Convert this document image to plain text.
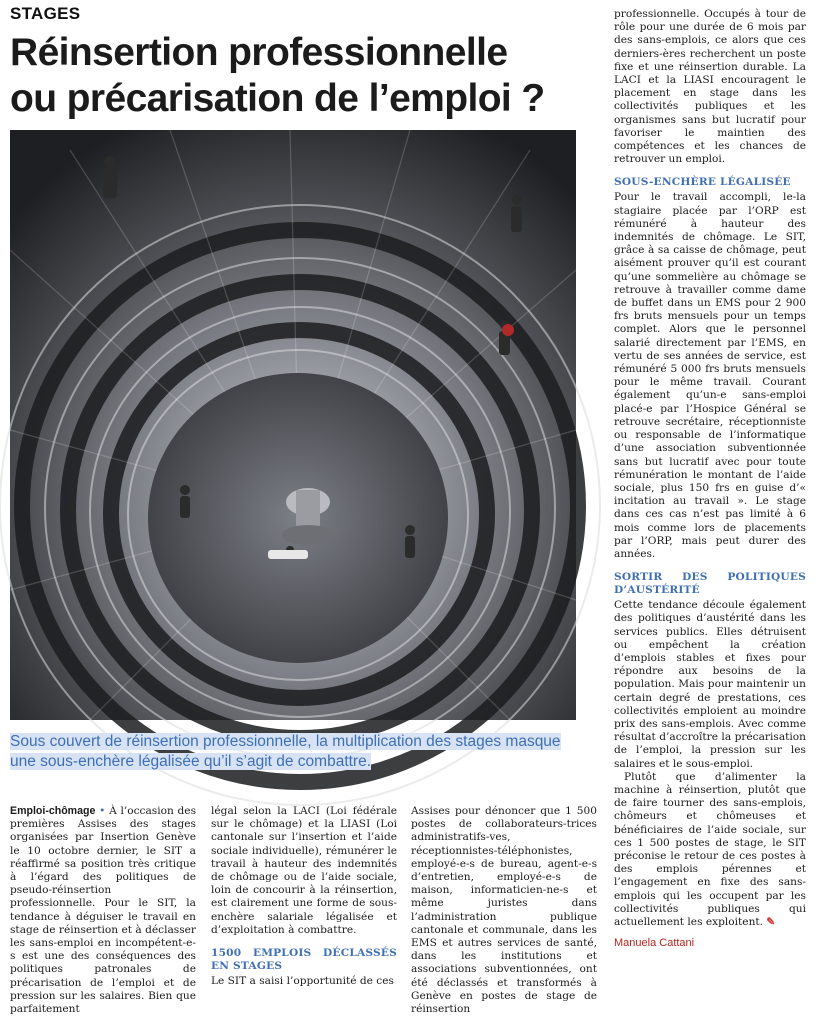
STAGES
Réinsertion professionnelle
ou précarisation de l’emploi ?
Sous couvert de réinsertion professionnelle, la multiplication des stages masque une sous-enchère légalisée qu’il s’agit de combattre.

Emploi-chômage • À l’occasion des premières Assises des stages organisées par Insertion Genève le 10 octobre dernier, le SIT a réaffirmé sa position très critique à l’égard des politiques de pseudo-réinsertion professionnelle. Pour le SIT, la tendance à déguiser le travail en stage de réinsertion et à déclasser les sans-emploi en incompétent-e-s est une des conséquences des politiques patronales de précarisation de l’emploi et de pression sur les salaires. Bien que parfaitement

légal selon la LACI (Loi fédérale sur le chômage) et la LIASI (Loi cantonale sur l’insertion et l’aide sociale individuelle), rémunérer le travail à hauteur des indemnités de chômage ou de l’aide sociale, loin de concourir à la réinsertion, est clairement une forme de sous-enchère salariale légalisée et d’exploitation à combattre.

1500 EMPLOIS DÉCLASSÉS EN STAGES

Le SIT a saisi l’opportunité de ces

Assises pour dénoncer que 1 500 postes de collaborateurs-trices administratifs-ves, réceptionnistes-téléphonistes, employé-e-s de bureau, agent-e-s d’entretien, employé-e-s de maison, informaticien-ne-s et même juristes dans l’administration publique cantonale et communale, dans les EMS et autres services de santé, dans les institutions et associations subventionnées, ont été déclassés et transformés à Genève en postes de stage de réinsertion

professionnelle. Occupés à tour de rôle pour une durée de 6 mois par des sans-emplois, ce alors que ces derniers-ères recherchent un poste fixe et une réinsertion durable. La LACI et la LIASI encouragent le placement en stage dans les collectivités publiques et les organismes sans but lucratif pour favoriser le maintien des compétences et les chances de retrouver un emploi.

SOUS-ENCHÈRE LÉGALISÉE

Pour le travail accompli, le-la stagiaire placée par l’ORP est rémunéré à hauteur des indemnités de chômage. Le SIT, grâce à sa caisse de chômage, peut aisément prouver qu’il est courant qu’une sommelière au chômage se retrouve à travailler comme dame de buffet dans un EMS pour 2 900 frs bruts mensuels pour un temps complet. Alors que le personnel salarié directement par l’EMS, en vertu de ses années de service, est rémunéré 5 000 frs bruts mensuels pour le même travail. Courant également qu’un-e sans-emploi placé-e par l’Hospice Général se retrouve secrétaire, réceptionniste ou responsable de l’informatique d’une association subventionnée sans but lucratif avec pour toute rémunération le montant de l’aide sociale, plus 150 frs en guise d’« incitation au travail ». Le stage dans ces cas n’est pas limité à 6 mois comme lors de placements par l’ORP, mais peut durer des années.

SORTIR DES POLITIQUES D’AUSTÉRITÉ

Cette tendance découle également des politiques d’austérité dans les services publics. Elles détruisent ou empêchent la création d’emplois stables et fixes pour répondre aux besoins de la population. Mais pour maintenir un certain degré de prestations, ces collectivités emploient au moindre prix des sans-emplois. Avec comme résultat d’accroître la précarisation de l’emploi, la pression sur les salaires et le sous-emploi.

Plutôt que d’alimenter la machine à réinsertion, plutôt que de faire tourner des sans-emplois, chômeurs et chômeuses et bénéficiaires de l’aide sociale, sur ces 1 500 postes de stage, le SIT préconise le retour de ces postes à des emplois pérennes et l’engagement en fixe des sans-emplois qui les occupent par les collectivités publiques qui actuellement les exploitent. ✎

Manuela Cattani
